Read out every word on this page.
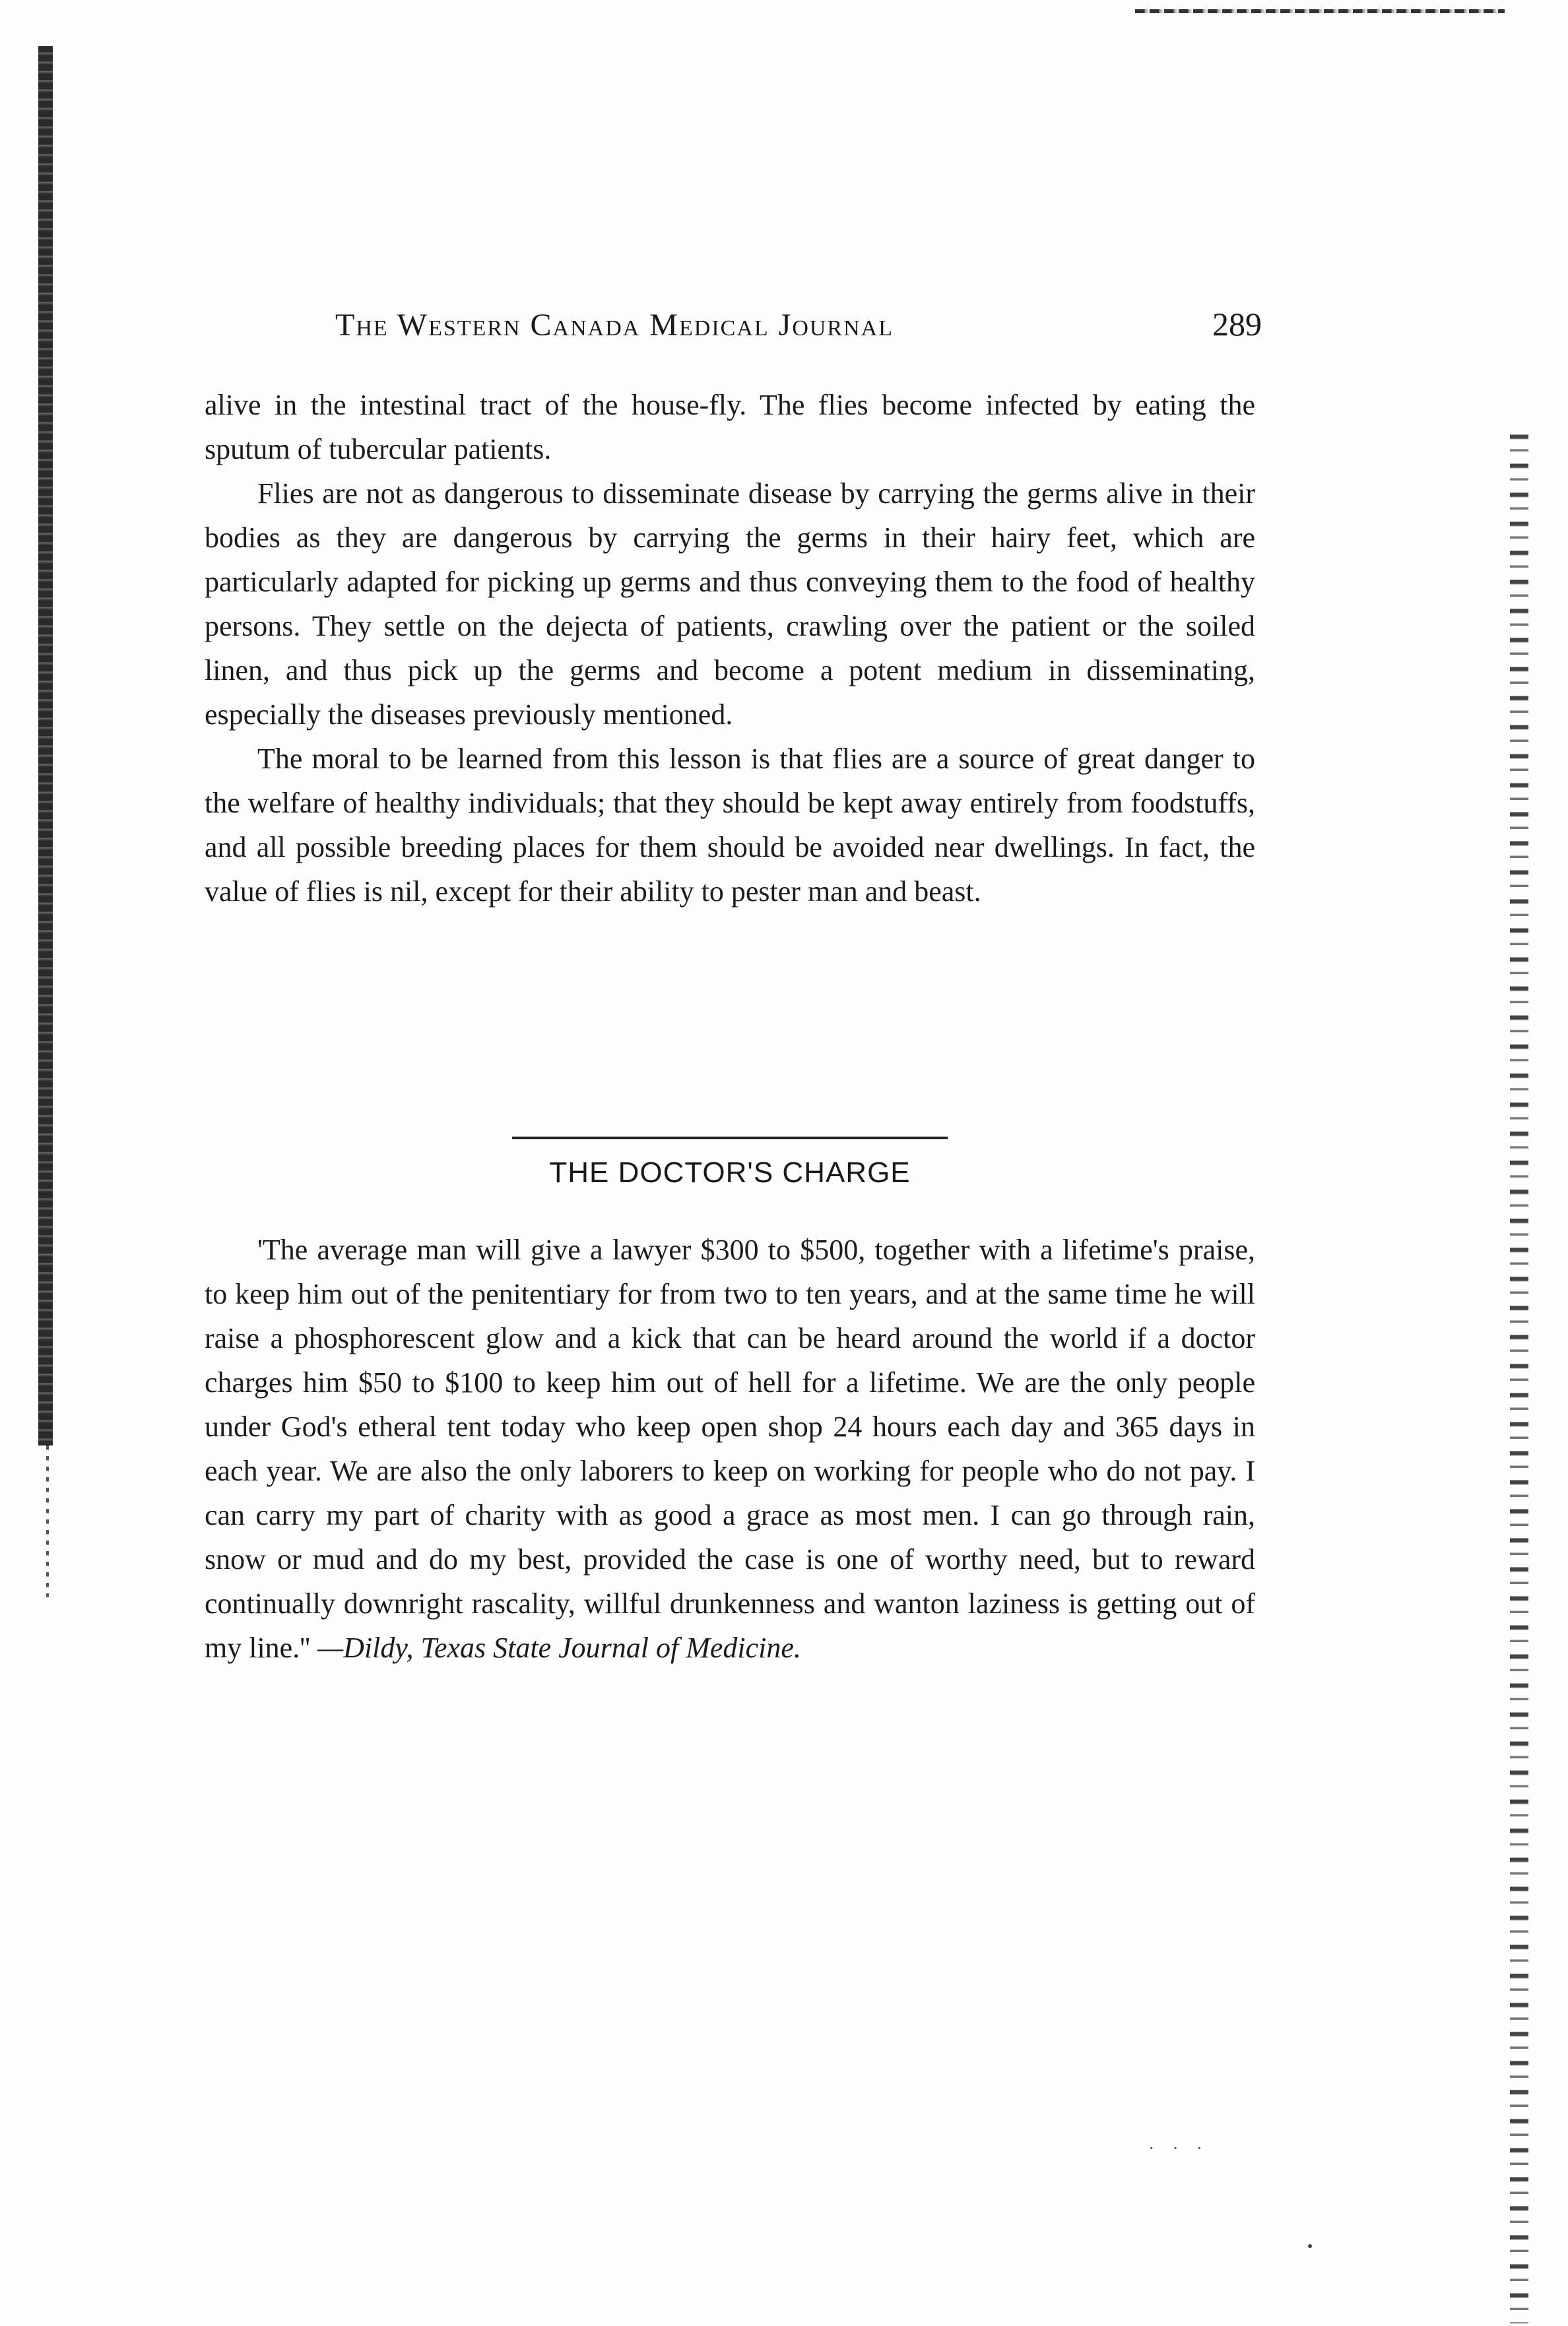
The Western Canada Medical Journal	289

alive in the intestinal tract of the house-fly. The flies become infected by eating the sputum of tubercular patients.

Flies are not as dangerous to disseminate disease by carrying the germs alive in their bodies as they are dangerous by carrying the germs in their hairy feet, which are particularly adapted for picking up germs and thus conveying them to the food of healthy persons. They settle on the dejecta of patients, crawling over the patient or the soiled linen, and thus pick up the germs and become a potent medium in disseminating, especially the diseases previously mentioned.

The moral to be learned from this lesson is that flies are a source of great danger to the welfare of healthy individuals; that they should be kept away entirely from foodstuffs, and all possible breeding places for them should be avoided near dwellings. In fact, the value of flies is nil, except for their ability to pester man and beast.

THE DOCTOR'S CHARGE

'The average man will give a lawyer $300 to $500, together with a lifetime's praise, to keep him out of the penitentiary for from two to ten years, and at the same time he will raise a phosphorescent glow and a kick that can be heard around the world if a doctor charges him $50 to $100 to keep him out of hell for a lifetime. We are the only people under God's etheral tent today who keep open shop 24 hours each day and 365 days in each year. We are also the only laborers to keep on working for people who do not pay. I can carry my part of charity with as good a grace as most men. I can go through rain, snow or mud and do my best, provided the case is one of worthy need, but to reward continually downright rascality, willful drunkenness and wanton laziness is getting out of my line.'' —Dildy, Texas State Journal of Medicine.

· · ·
